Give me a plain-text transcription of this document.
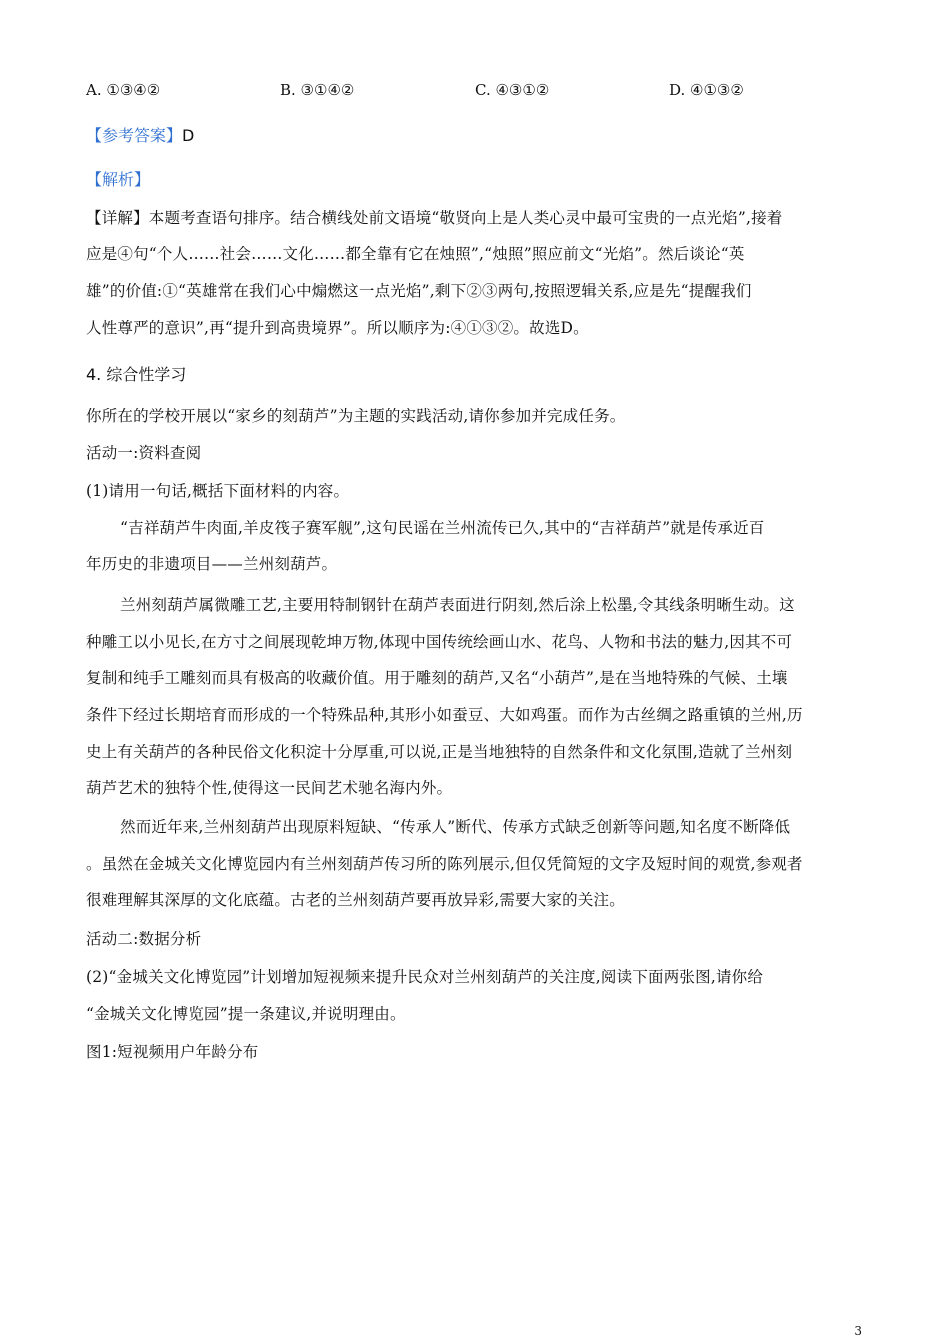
A. ①③④②	B. ③①④②	C. ④③①②	D. ④①③②
【参考答案】D
【解析】
【详解】本题考查语句排序。结合横线处前文语境“敬贤向上是人类心灵中最可宝贵的一点光焰”,接着
应是④句“个人……社会……文化……都全靠有它在烛照”,“烛照”照应前文“光焰”。然后谈论“英
雄”的价值:①“英雄常在我们心中煽燃这一点光焰”,剩下②③两句,按照逻辑关系,应是先“提醒我们
人性尊严的意识”,再“提升到高贵境界”。所以顺序为:④①③②。故选D。
4. 综合性学习
你所在的学校开展以“家乡的刻葫芦”为主题的实践活动,请你参加并完成任务。
活动一:资料查阅
(1)请用一句话,概括下面材料的内容。
“吉祥葫芦牛肉面,羊皮筏子赛军舰”,这句民谣在兰州流传已久,其中的“吉祥葫芦”就是传承近百
年历史的非遗项目——兰州刻葫芦。
兰州刻葫芦属微雕工艺,主要用特制钢针在葫芦表面进行阴刻,然后涂上松墨,令其线条明晰生动。这
种雕工以小见长,在方寸之间展现乾坤万物,体现中国传统绘画山水、花鸟、人物和书法的魅力,因其不可
复制和纯手工雕刻而具有极高的收藏价值。用于雕刻的葫芦,又名“小葫芦”,是在当地特殊的气候、土壤
条件下经过长期培育而形成的一个特殊品种,其形小如蚕豆、大如鸡蛋。而作为古丝绸之路重镇的兰州,历
史上有关葫芦的各种民俗文化积淀十分厚重,可以说,正是当地独特的自然条件和文化氛围,造就了兰州刻
葫芦艺术的独特个性,使得这一民间艺术驰名海内外。
然而近年来,兰州刻葫芦出现原料短缺、“传承人”断代、传承方式缺乏创新等问题,知名度不断降低
。虽然在金城关文化博览园内有兰州刻葫芦传习所的陈列展示,但仅凭简短的文字及短时间的观赏,参观者
很难理解其深厚的文化底蕴。古老的兰州刻葫芦要再放异彩,需要大家的关注。
活动二:数据分析
(2)“金城关文化博览园”计划增加短视频来提升民众对兰州刻葫芦的关注度,阅读下面两张图,请你给
“金城关文化博览园”提一条建议,并说明理由。
图1:短视频用户年龄分布
3
